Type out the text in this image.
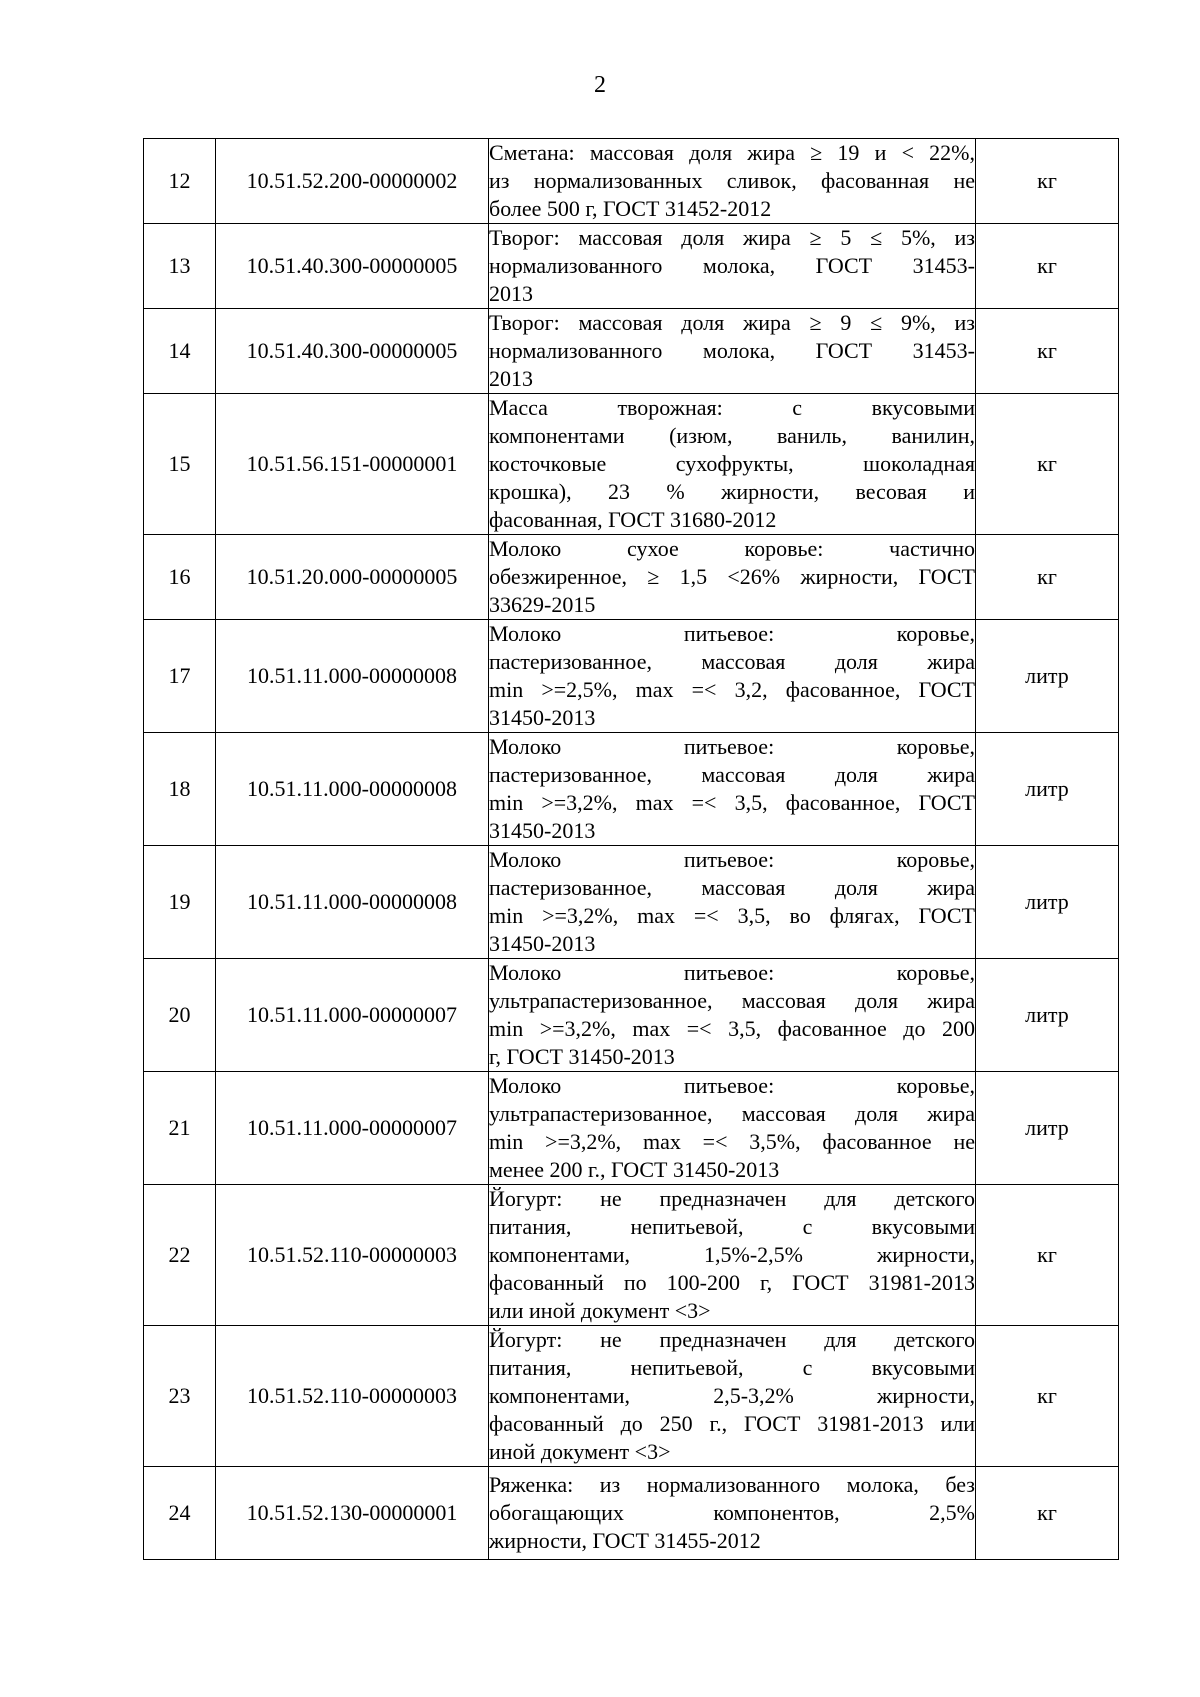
2
12	10.51.52.200-00000002	Сметана: массовая доля жира ≥ 19 и < 22%,
из нормализованных сливок, фасованная не
более 500 г, ГОСТ 31452-2012	кг
13	10.51.40.300-00000005	Творог: массовая доля жира ≥ 5 ≤ 5%, из
нормализованного молока, ГОСТ 31453-
2013	кг
14	10.51.40.300-00000005	Творог: массовая доля жира ≥ 9 ≤ 9%, из
нормализованного молока, ГОСТ 31453-
2013	кг
15	10.51.56.151-00000001	Масса творожная: с вкусовыми
компонентами (изюм, ваниль, ванилин,
косточковые сухофрукты, шоколадная
крошка), 23 % жирности, весовая и
фасованная, ГОСТ 31680-2012	кг
16	10.51.20.000-00000005	Молоко сухое коровье: частично
обезжиренное, ≥ 1,5 <26% жирности, ГОСТ
33629-2015	кг
17	10.51.11.000-00000008	Молоко питьевое: коровье,
пастеризованное, массовая доля жира
min >=2,5%, max =< 3,2, фасованное, ГОСТ
31450-2013	литр
18	10.51.11.000-00000008	Молоко питьевое: коровье,
пастеризованное, массовая доля жира
min >=3,2%, max =< 3,5, фасованное, ГОСТ
31450-2013	литр
19	10.51.11.000-00000008	Молоко питьевое: коровье,
пастеризованное, массовая доля жира
min >=3,2%, max =< 3,5, во флягах, ГОСТ
31450-2013	литр
20	10.51.11.000-00000007	Молоко питьевое: коровье,
ультрапастеризованное, массовая доля жира
min >=3,2%, max =< 3,5, фасованное до 200
г, ГОСТ 31450-2013	литр
21	10.51.11.000-00000007	Молоко питьевое: коровье,
ультрапастеризованное, массовая доля жира
min >=3,2%, max =< 3,5%, фасованное не
менее 200 г., ГОСТ 31450-2013	литр
22	10.51.52.110-00000003	Йогурт: не предназначен для детского
питания, непитьевой, с вкусовыми
компонентами, 1,5%-2,5% жирности,
фасованный по 100-200 г, ГОСТ 31981-2013
или иной документ <3>	кг
23	10.51.52.110-00000003	Йогурт: не предназначен для детского
питания, непитьевой, с вкусовыми
компонентами, 2,5-3,2% жирности,
фасованный до 250 г., ГОСТ 31981-2013 или
иной документ <3>	кг
24	10.51.52.130-00000001	Ряженка: из нормализованного молока, без
обогащающих компонентов, 2,5%
жирности, ГОСТ 31455-2012	кг
